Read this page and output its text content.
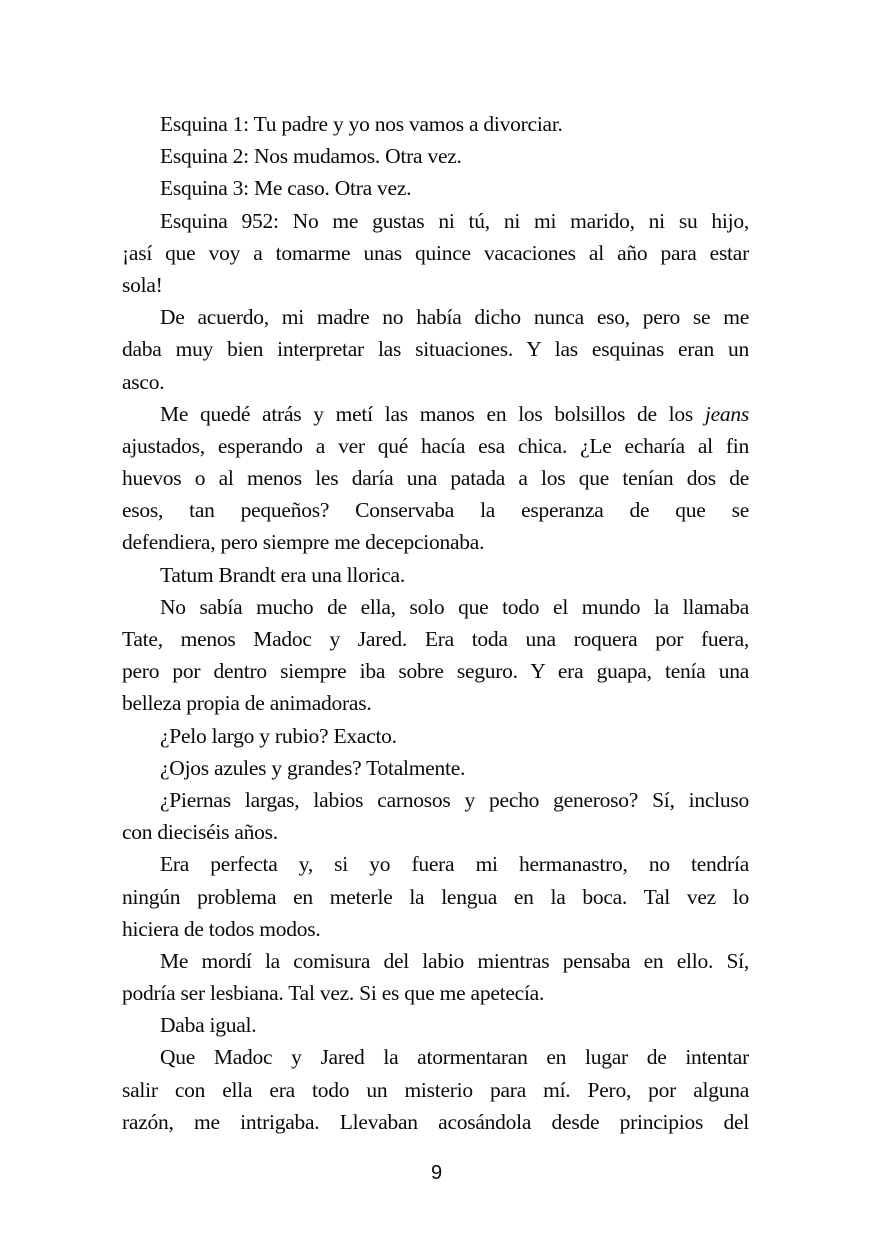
Esquina 1: Tu padre y yo nos vamos a divorciar.
Esquina 2: Nos mudamos. Otra vez.
Esquina 3: Me caso. Otra vez.
Esquina 952: No me gustas ni tú, ni mi marido, ni su hijo,
¡así que voy a tomarme unas quince vacaciones al año para estar
sola!
De acuerdo, mi madre no había dicho nunca eso, pero se me
daba muy bien interpretar las situaciones. Y las esquinas eran un
asco.
Me quedé atrás y metí las manos en los bolsillos de los jeans
ajustados, esperando a ver qué hacía esa chica. ¿Le echaría al fin
huevos o al menos les daría una patada a los que tenían dos de
esos, tan pequeños? Conservaba la esperanza de que se
defendiera, pero siempre me decepcionaba.
Tatum Brandt era una llorica.
No sabía mucho de ella, solo que todo el mundo la llamaba
Tate, menos Madoc y Jared. Era toda una roquera por fuera,
pero por dentro siempre iba sobre seguro. Y era guapa, tenía una
belleza propia de animadoras.
¿Pelo largo y rubio? Exacto.
¿Ojos azules y grandes? Totalmente.
¿Piernas largas, labios carnosos y pecho generoso? Sí, incluso
con dieciséis años.
Era perfecta y, si yo fuera mi hermanastro, no tendría
ningún problema en meterle la lengua en la boca. Tal vez lo
hiciera de todos modos.
Me mordí la comisura del labio mientras pensaba en ello. Sí,
podría ser lesbiana. Tal vez. Si es que me apetecía.
Daba igual.
Que Madoc y Jared la atormentaran en lugar de intentar
salir con ella era todo un misterio para mí. Pero, por alguna
razón, me intrigaba. Llevaban acosándola desde principios del
9
